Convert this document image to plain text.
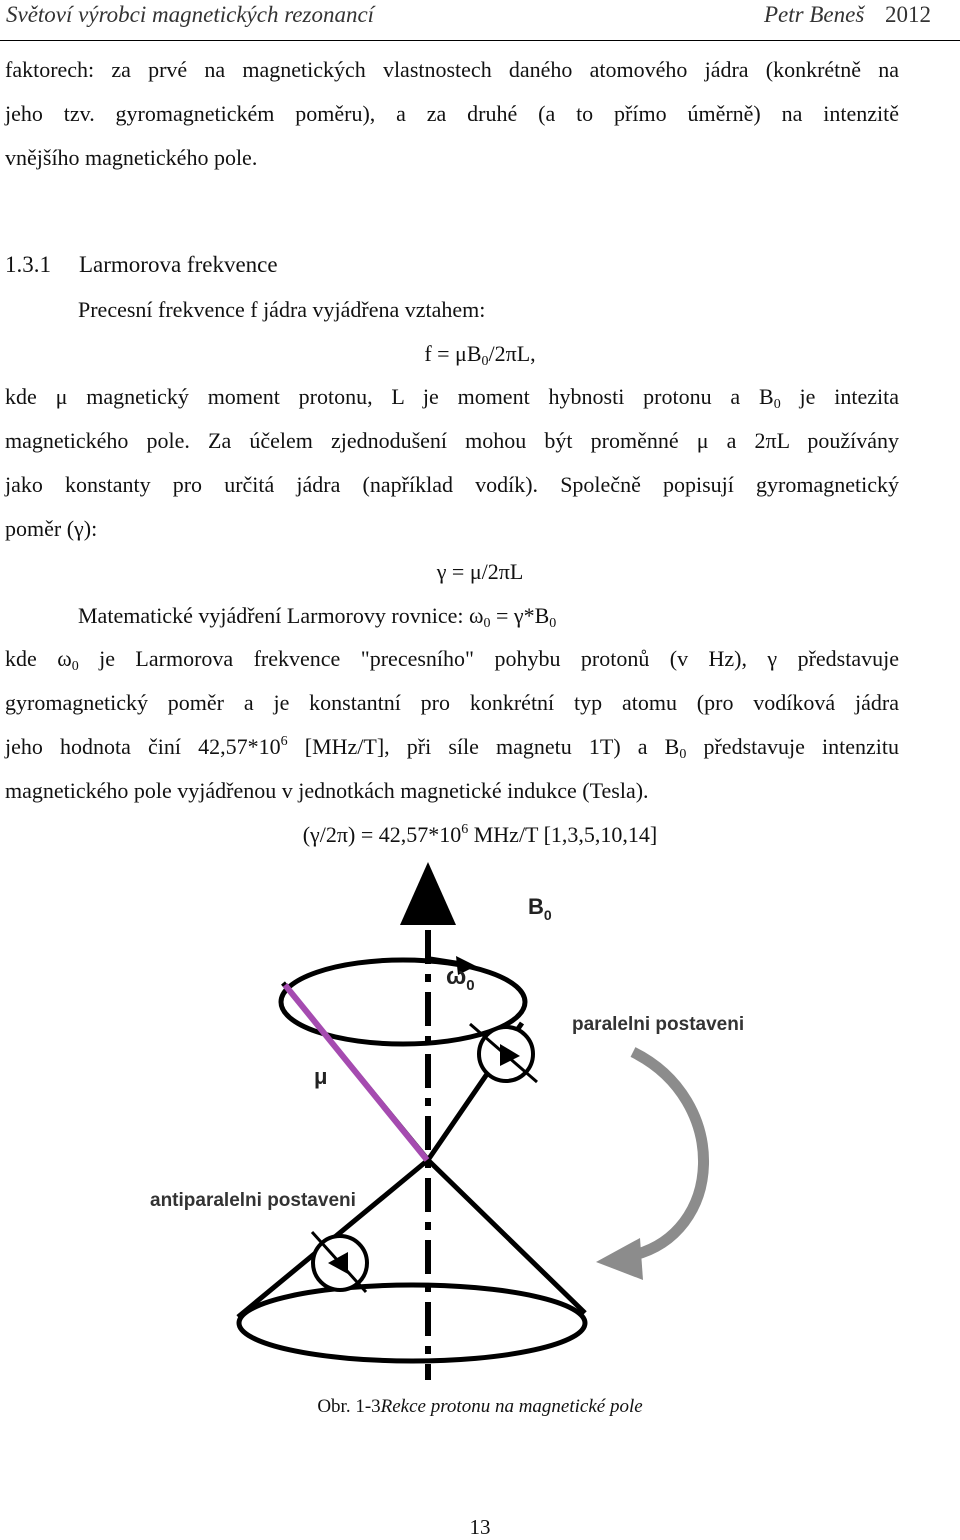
Světoví výrobci magnetických rezonancí	Petr Beneš 2012
faktorech: za prvé na magnetických vlastnostech daného atomového jádra (konkrétně na
jeho tzv. gyromagnetickém poměru), a za druhé (a to přímo úměrně) na intenzitě
vnějšího magnetického pole.
1.3.1 Larmorova frekvence
Precesní frekvence f jádra vyjádřena vztahem:
$f = \mu B_0/2\pi L$,
kde μ magnetický moment protonu, L je moment hybnosti protonu a $B_0$ je intezita
magnetického pole. Za účelem zjednodušení mohou být proměnné μ a 2πL používány
jako konstanty pro určitá jádra (například vodík). Společně popisují gyromagnetický
poměr (γ):
γ = μ/2πL
Matematické vyjádření Larmorovy rovnice: $\omega_0 = \gamma*B_0$
kde $\omega_0$ je Larmorova frekvence "precesního" pohybu protonů (v Hz), γ představuje
gyromagnetický poměr a je konstantní pro konkrétní typ atomu (pro vodíková jádra
jeho hodnota činí $42,57*10^6$ [MHz/T], při síle magnetu 1T) a $B_0$ představuje intenzitu
magnetického pole vyjádřenou v jednotkách magnetické indukce (Tesla).
$(\gamma/2\pi) = 42,57*10^6$ MHz/T [1,3,5,10,14]
$B_0$
$\omega_0$
μ
paralelni postaveni
antiparalelni postaveni
Obr. 1-3Rekce protonu na magnetické pole
13
